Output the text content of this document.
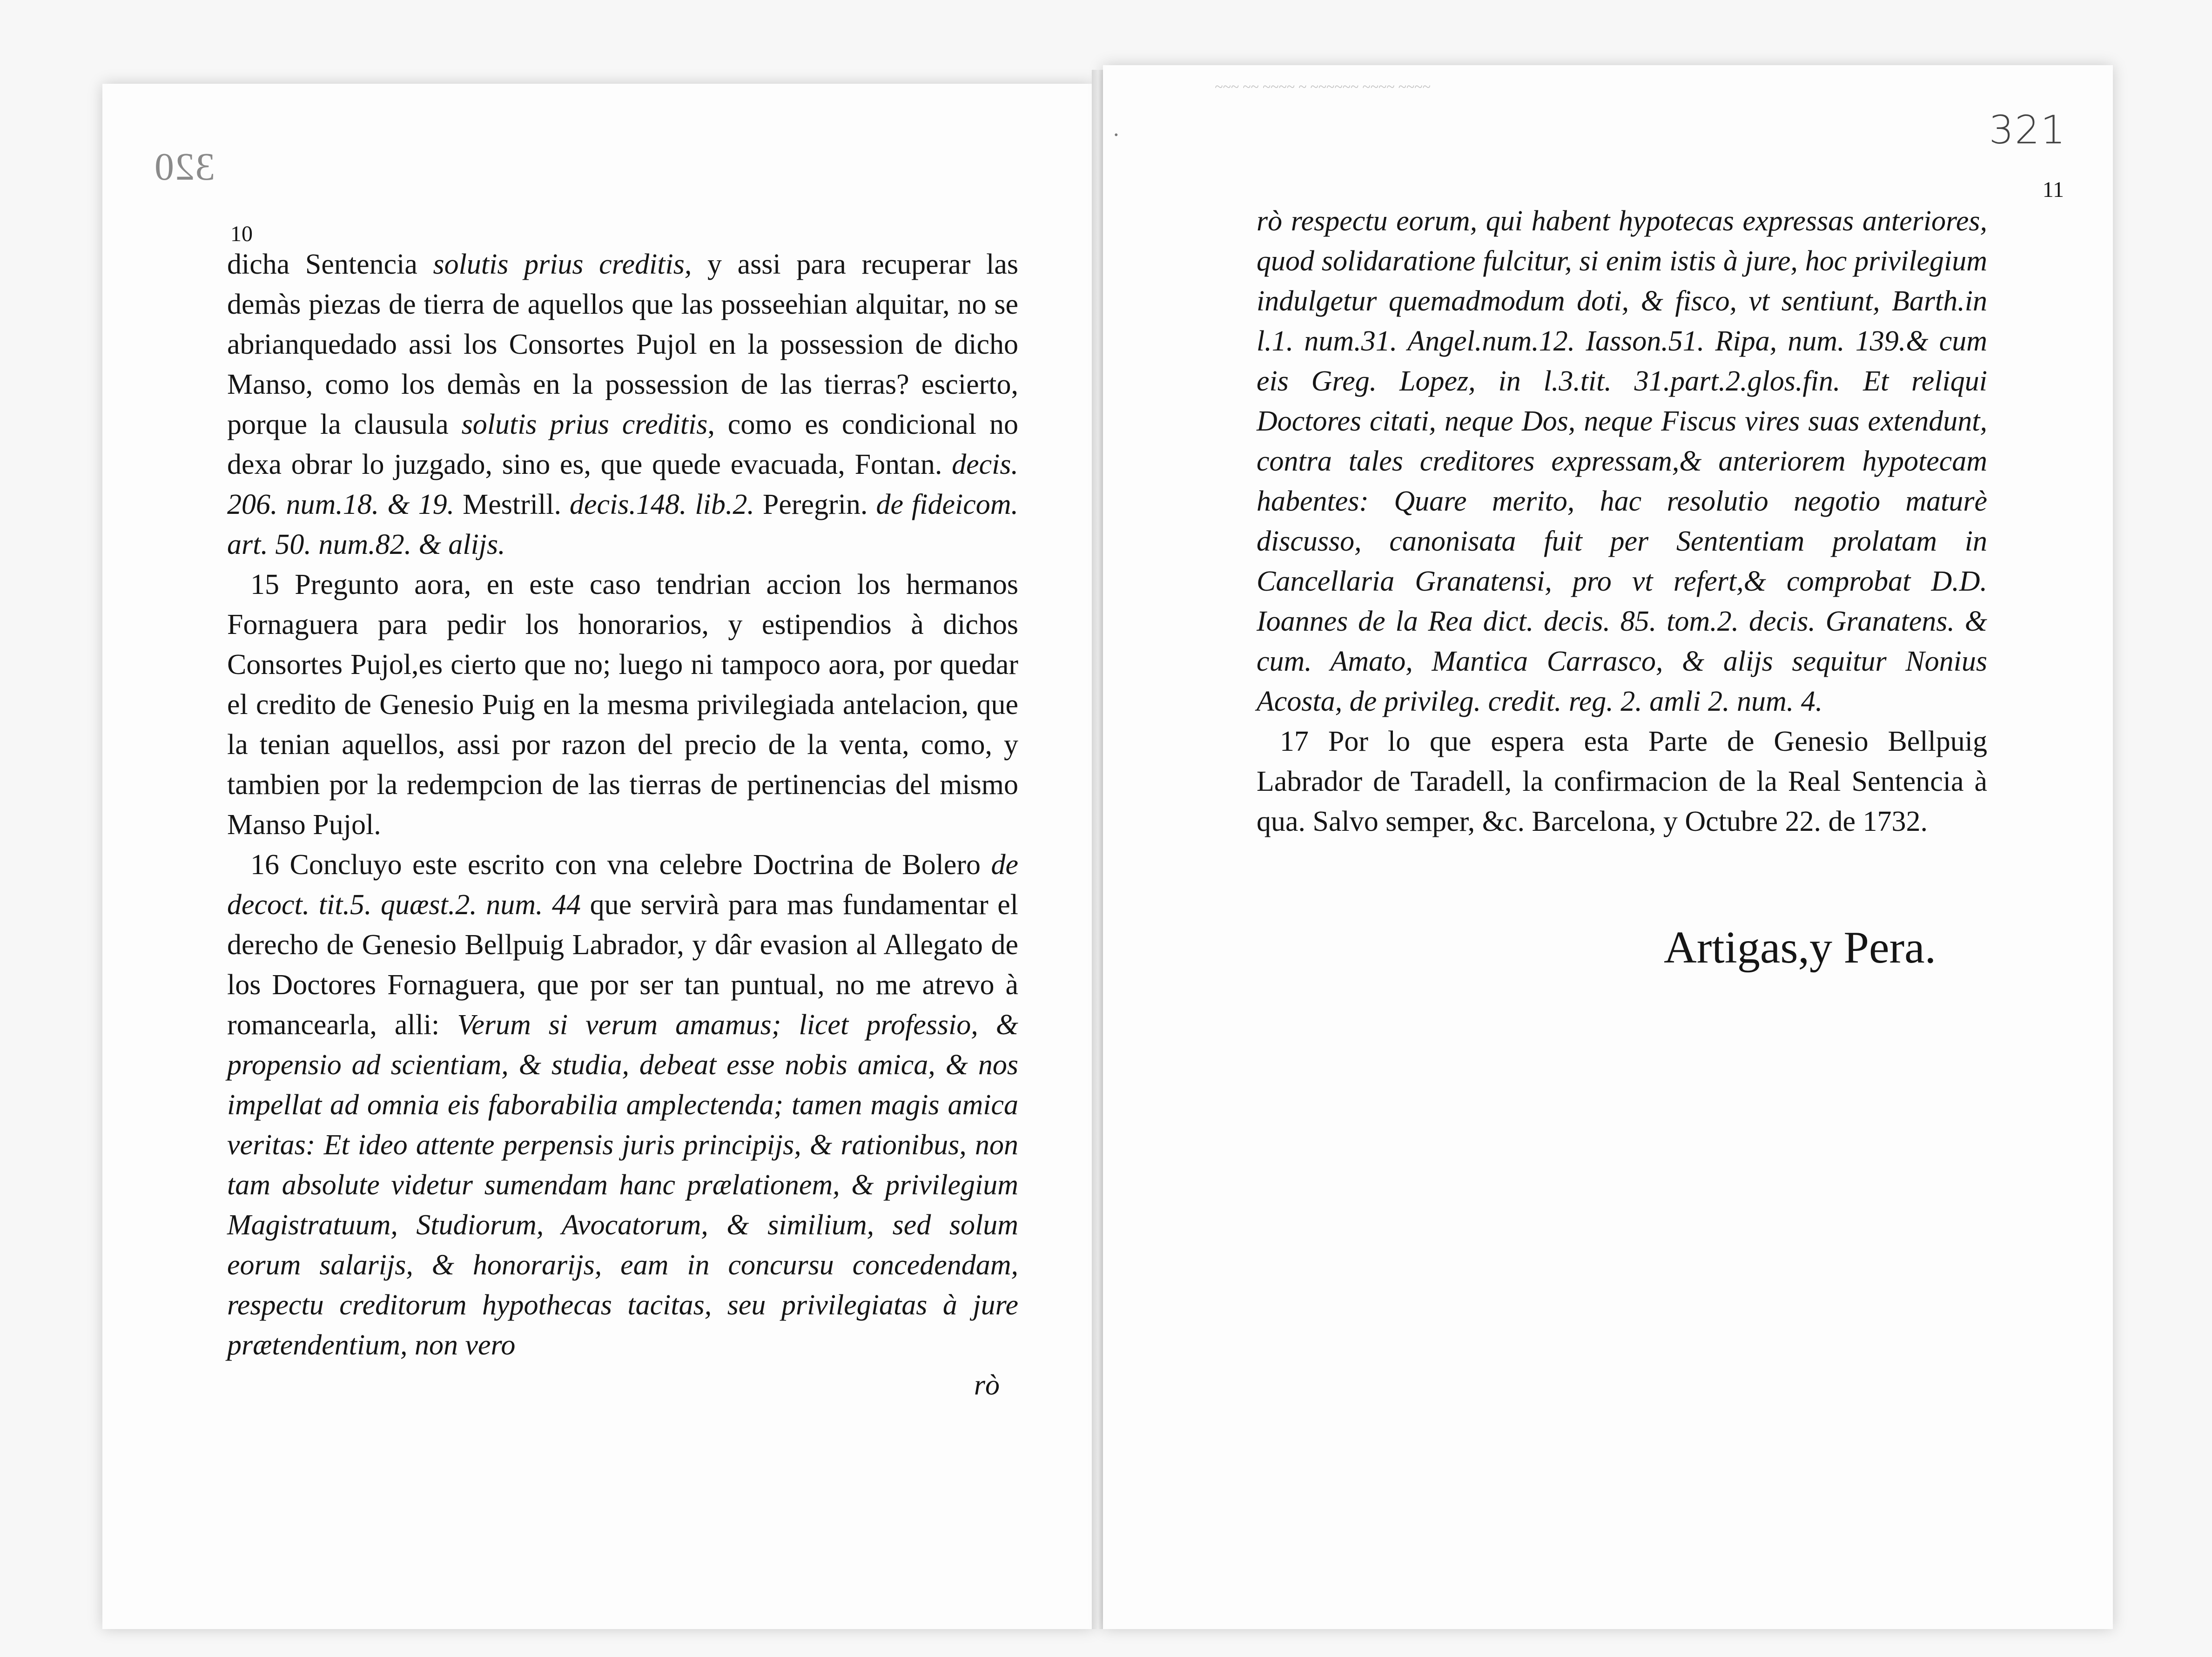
320
10

dicha Sentencia solutis prius creditis, y assi para recuperar las demàs piezas de tierra de aquellos que las posseehian alquitar, no se abrianquedado assi los Consortes Pujol en la possession de dicho Manso, como los demàs en la possession de las tierras? escierto, porque la clausula solutis prius creditis, como es condicional no dexa obrar lo juzgado, sino es, que quede evacuada, Fontan. decis. 206. num.18. & 19. Mestrill. decis.148. lib.2. Peregrin. de fideicom. art. 50. num.82. & alijs.

15 Pregunto aora, en este caso tendrian accion los hermanos Fornaguera para pedir los honorarios, y estipendios à dichos Consortes Pujol,es cierto que no; luego ni tampoco aora, por quedar el credito de Genesio Puig en la mesma privilegiada antelacion, que la tenian aquellos, assi por razon del precio de la venta, como, y tambien por la redempcion de las tierras de pertinencias del mismo Manso Pujol.

16 Concluyo este escrito con vna celebre Doctrina de Bolero de decoct. tit.5. quæst.2. num. 44 que servirà para mas fundamentar el derecho de Genesio Bellpuig Labrador, y dâr evasion al Allegato de los Doctores Fornaguera, que por ser tan puntual, no me atrevo à romancearla, alli: Verum si verum amamus; licet professio, & propensio ad scientiam, & studia, debeat esse nobis amica, & nos impellat ad omnia eis faborabilia amplectenda; tamen magis amica veritas: Et ideo attente perpensis juris principijs, & rationibus, non tam absolute videtur sumendam hanc prælationem, & privilegium Magistratuum, Studiorum, Avocatorum, & similium, sed solum eorum salarijs, & honorarijs, eam in concursu concedendam, respectu creditorum hypothecas tacitas, seu privilegiatas à jure prætendentium, non vero

rò

~~~ ~~ ~~~~ ~ ~~~~~~ ~~~~ ~~~~
·	321
11

rò respectu eorum, qui habent hypotecas expressas anteriores, quod solidaratione fulcitur, si enim istis à jure, hoc privilegium indulgetur quemadmodum doti, & fisco, vt sentiunt, Barth.in l.1. num.31. Angel.num.12. Iasson.51. Ripa, num. 139.& cum eis Greg. Lopez, in l.3.tit. 31.part.2.glos.fin. Et reliqui Doctores citati, neque Dos, neque Fiscus vires suas extendunt, contra tales creditores expressam,& anteriorem hypotecam habentes: Quare merito, hac resolutio negotio maturè discusso, canonisata fuit per Sententiam prolatam in Cancellaria Granatensi, pro vt refert,& comprobat D.D. Ioannes de la Rea dict. decis. 85. tom.2. decis. Granatens. & cum. Amato, Mantica Carrasco, & alijs sequitur Nonius Acosta, de privileg. credit. reg. 2. amli 2. num. 4.

17 Por lo que espera esta Parte de Genesio Bellpuig Labrador de Taradell, la confirmacion de la Real Sentencia à qua. Salvo semper, &c. Barcelona, y Octubre 22. de 1732.

Artigas,y Pera.
